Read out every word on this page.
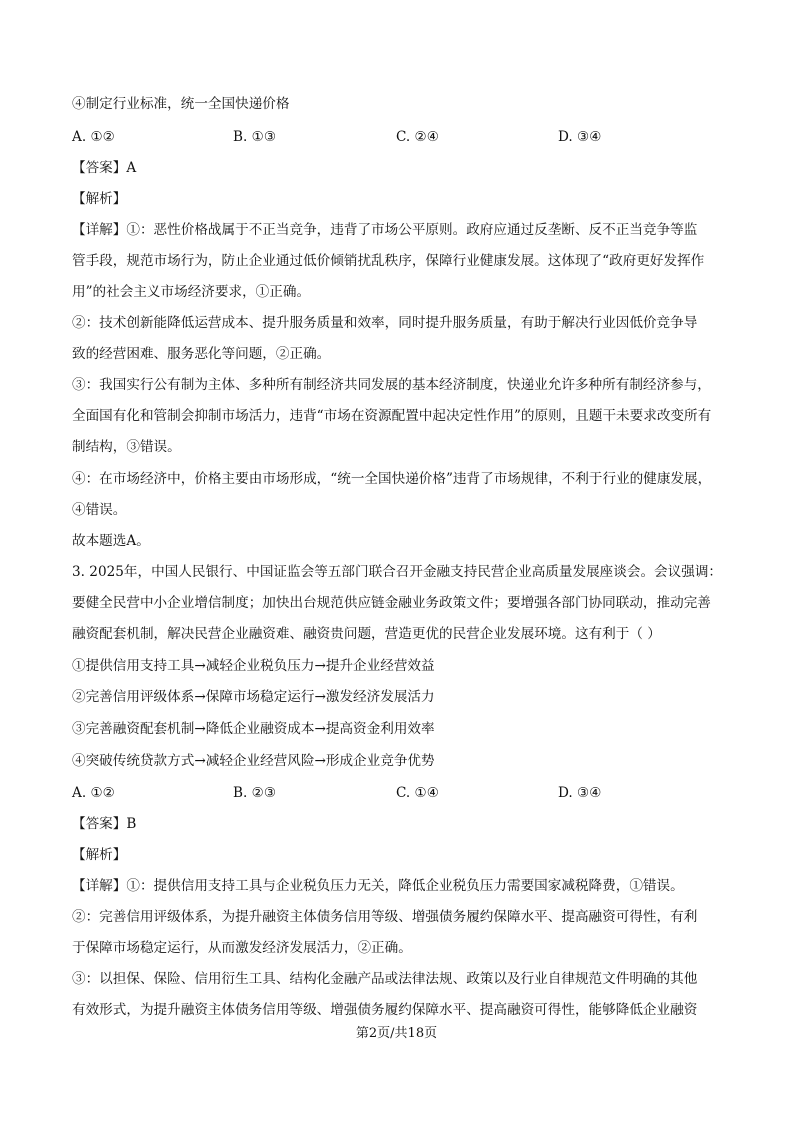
④制定行业标准，统一全国快递价格
A. ①②	B. ①③	C. ②④	D. ③④
【答案】A
【解析】
【详解】①：恶性价格战属于不正当竞争，违背了市场公平原则。政府应通过反垄断、反不正当竞争等监
管手段，规范市场行为，防止企业通过低价倾销扰乱秩序，保障行业健康发展。这体现了“政府更好发挥作
用”的社会主义市场经济要求，①正确。
②：技术创新能降低运营成本、提升服务质量和效率，同时提升服务质量，有助于解决行业因低价竞争导
致的经营困难、服务恶化等问题，②正确。
③：我国实行公有制为主体、多种所有制经济共同发展的基本经济制度，快递业允许多种所有制经济参与，
全面国有化和管制会抑制市场活力，违背“市场在资源配置中起决定性作用”的原则，且题干未要求改变所有
制结构，③错误。
④：在市场经济中，价格主要由市场形成，“统一全国快递价格”违背了市场规律，不利于行业的健康发展，
④错误。
故本题选A。
3. 2025年，中国人民银行、中国证监会等五部门联合召开金融支持民营企业高质量发展座谈会。会议强调：
要健全民营中小企业增信制度；加快出台规范供应链金融业务政策文件；要增强各部门协同联动，推动完善
融资配套机制，解决民营企业融资难、融资贵问题，营造更优的民营企业发展环境。这有利于（ ）
①提供信用支持工具→减轻企业税负压力→提升企业经营效益
②完善信用评级体系→保障市场稳定运行→激发经济发展活力
③完善融资配套机制→降低企业融资成本→提高资金利用效率
④突破传统贷款方式→减轻企业经营风险→形成企业竞争优势
A. ①②	B. ②③	C. ①④	D. ③④
【答案】B
【解析】
【详解】①：提供信用支持工具与企业税负压力无关，降低企业税负压力需要国家减税降费，①错误。
②：完善信用评级体系，为提升融资主体债务信用等级、增强债务履约保障水平、提高融资可得性，有利
于保障市场稳定运行，从而激发经济发展活力，②正确。
③：以担保、保险、信用衍生工具、结构化金融产品或法律法规、政策以及行业自律规范文件明确的其他
有效形式，为提升融资主体债务信用等级、增强债务履约保障水平、提高融资可得性，能够降低企业融资
第2页/共18页
